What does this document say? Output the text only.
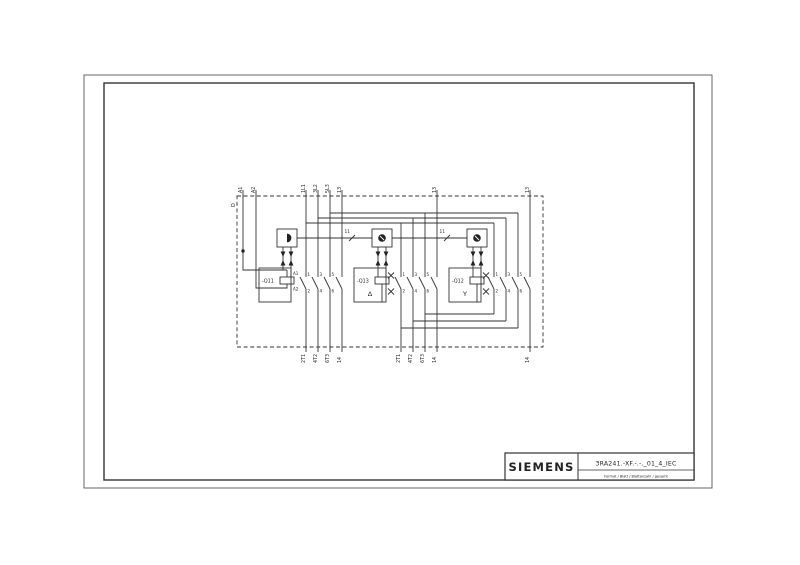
D
11	11
-Q11
A1
A2
1
2
3
4
5
6
-Q13
Δ
1
2
3
4
5
6
-Q12
Y
1
2
3
4
5
6
A1 A2	1L1 3L2 5L3 13	13	13
2T1 4T2 6T3 14	2T1 4T2 6T3 14	14
SIEMENS	3RA241.-XF.-.-._01_4_IEC
Format / Blatt / Blattanzahl / gesamt
